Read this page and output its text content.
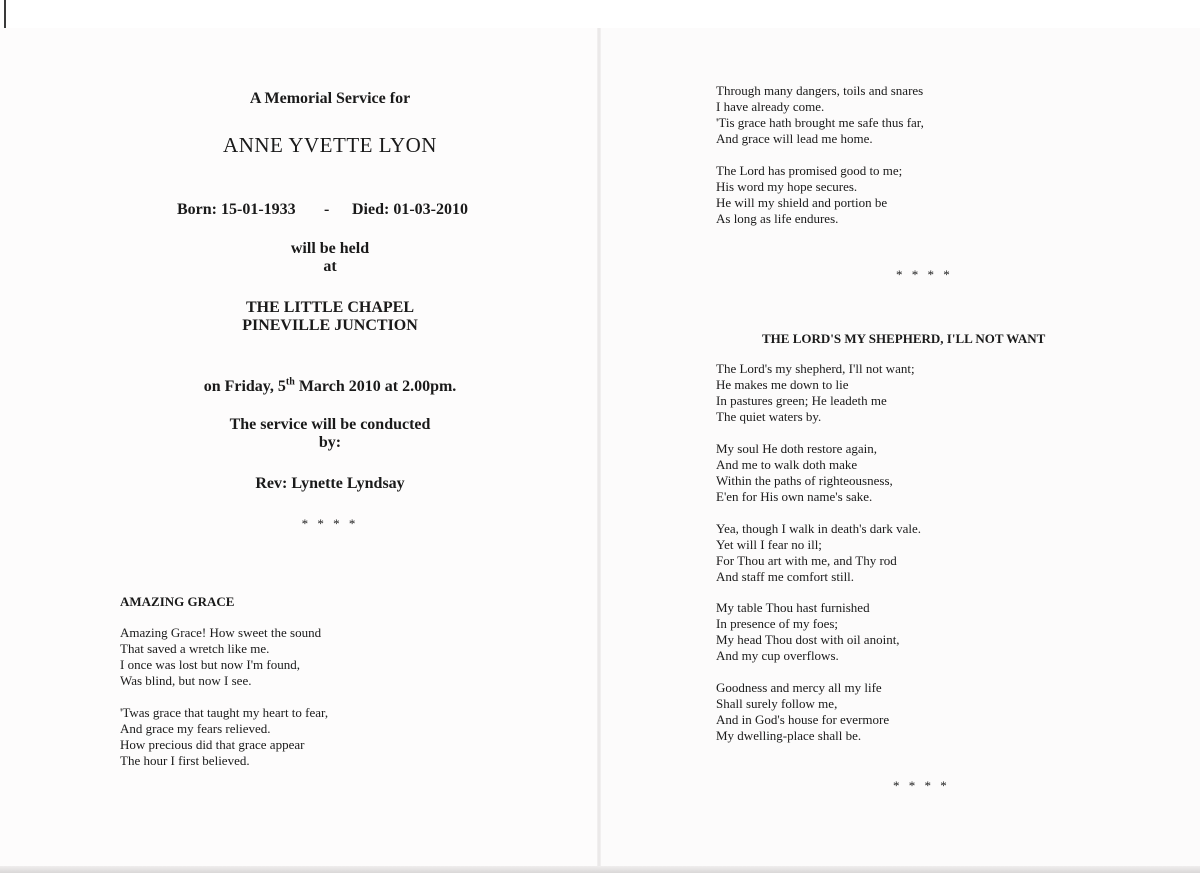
A Memorial Service for
ANNE YVETTE LYON
Born: 15-01-1933 - Died: 01-03-2010
will be held
at
THE LITTLE CHAPEL
PINEVILLE JUNCTION
on Friday, 5th March 2010 at 2.00pm.
The service will be conducted
by:
Rev: Lynette Lyndsay
* * * *
AMAZING GRACE
Amazing Grace! How sweet the sound
That saved a wretch like me.
I once was lost but now I'm found,
Was blind, but now I see.
'Twas grace that taught my heart to fear,
And grace my fears relieved.
How precious did that grace appear
The hour I first believed.
Through many dangers, toils and snares
I have already come.
'Tis grace hath brought me safe thus far,
And grace will lead me home.
The Lord has promised good to me;
His word my hope secures.
He will my shield and portion be
As long as life endures.
* * * *
THE LORD'S MY SHEPHERD, I'LL NOT WANT
The Lord's my shepherd, I'll not want;
He makes me down to lie
In pastures green; He leadeth me
The quiet waters by.
My soul He doth restore again,
And me to walk doth make
Within the paths of righteousness,
E'en for His own name's sake.
Yea, though I walk in death's dark vale.
Yet will I fear no ill;
For Thou art with me, and Thy rod
And staff me comfort still.
My table Thou hast furnished
In presence of my foes;
My head Thou dost with oil anoint,
And my cup overflows.
Goodness and mercy all my life
Shall surely follow me,
And in God's house for evermore
My dwelling-place shall be.
* * * *
